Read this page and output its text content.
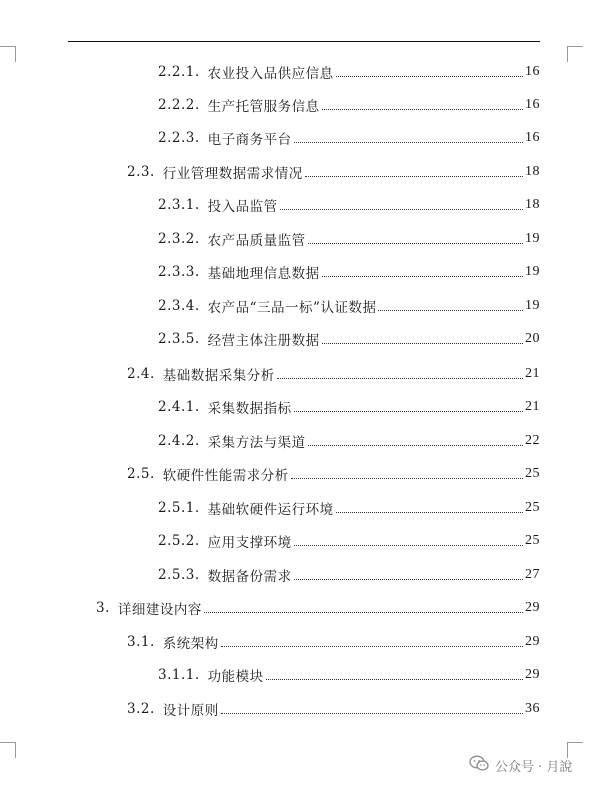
2.2.1. 农业投入品供应信息	16
2.2.2. 生产托管服务信息	16
2.2.3. 电子商务平台	16
2.3. 行业管理数据需求情况	18
2.3.1. 投入品监管	18
2.3.2. 农产品质量监管	19
2.3.3. 基础地理信息数据	19
2.3.4. 农产品“三品一标”认证数据	19
2.3.5. 经营主体注册数据	20
2.4. 基础数据采集分析	21
2.4.1. 采集数据指标	21
2.4.2. 采集方法与渠道	22
2.5. 软硬件性能需求分析	25
2.5.1. 基础软硬件运行环境	25
2.5.2. 应用支撑环境	25
2.5.3. 数据备份需求	27
3. 详细建设内容	29
3.1. 系统架构	29
3.1.1. 功能模块	29
3.2. 设计原则	36
公众号 · 月說
